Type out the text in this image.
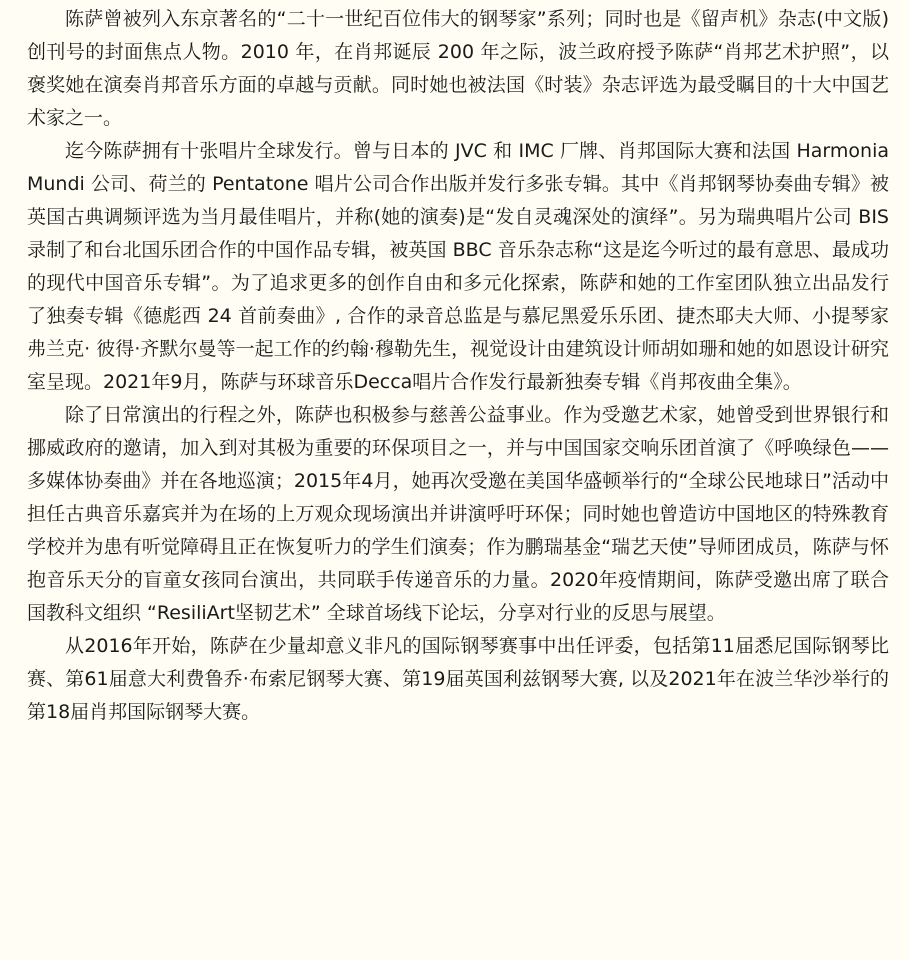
陈萨曾被列入东京著名的“二十一世纪百位伟大的钢琴家”系列；同时也是《留声机》杂志(中文版) 创刊号的封面焦点人物。2010 年，在肖邦诞辰 200 年之际，波兰政府授予陈萨“肖邦艺术护照”，以褒奖她在演奏肖邦音乐方面的卓越与贡献。同时她也被法国《时装》杂志评选为最受瞩目的十大中国艺术家之一。

迄今陈萨拥有十张唱片全球发行。曾与日本的 JVC 和 IMC 厂牌、肖邦国际大赛和法国 Harmonia Mundi 公司、荷兰的 Pentatone 唱片公司合作出版并发行多张专辑。其中《肖邦钢琴协奏曲专辑》被英国古典调频评选为当月最佳唱片，并称(她的演奏)是“发自灵魂深处的演绎”。另为瑞典唱片公司 BIS 录制了和台北国乐团合作的中国作品专辑，被英国 BBC 音乐杂志称“这是迄今听过的最有意思、最成功的现代中国音乐专辑”。为了追求更多的创作自由和多元化探索，陈萨和她的工作室团队独立出品发行了独奏专辑《德彪西 24 首前奏曲》, 合作的录音总监是与慕尼黑爱乐乐团、捷杰耶夫大师、小提琴家弗兰克· 彼得·齐默尔曼等一起工作的约翰·穆勒先生，视觉设计由建筑设计师胡如珊和她的如恩设计研究室呈现。2021年9月，陈萨与环球音乐Decca唱片合作发行最新独奏专辑《肖邦夜曲全集》。

除了日常演出的行程之外，陈萨也积极参与慈善公益事业。作为受邀艺术家，她曾受到世界银行和挪威政府的邀请，加入到对其极为重要的环保项目之一，并与中国国家交响乐团首演了《呼唤绿色——多媒体协奏曲》并在各地巡演；2015年4月，她再次受邀在美国华盛顿举行的“全球公民地球日”活动中担任古典音乐嘉宾并为在场的上万观众现场演出并讲演呼吁环保；同时她也曾造访中国地区的特殊教育学校并为患有听觉障碍且正在恢复听力的学生们演奏；作为鹏瑞基金“瑞艺天使”导师团成员，陈萨与怀抱音乐天分的盲童女孩同台演出，共同联手传递音乐的力量。2020年疫情期间，陈萨受邀出席了联合国教科文组织 “ResiliArt坚韧艺术” 全球首场线下论坛，分享对行业的反思与展望。

从2016年开始，陈萨在少量却意义非凡的国际钢琴赛事中出任评委，包括第11届悉尼国际钢琴比赛、第61届意大利费鲁乔·布索尼钢琴大赛、第19届英国利兹钢琴大赛, 以及2021年在波兰华沙举行的第18届肖邦国际钢琴大赛。
